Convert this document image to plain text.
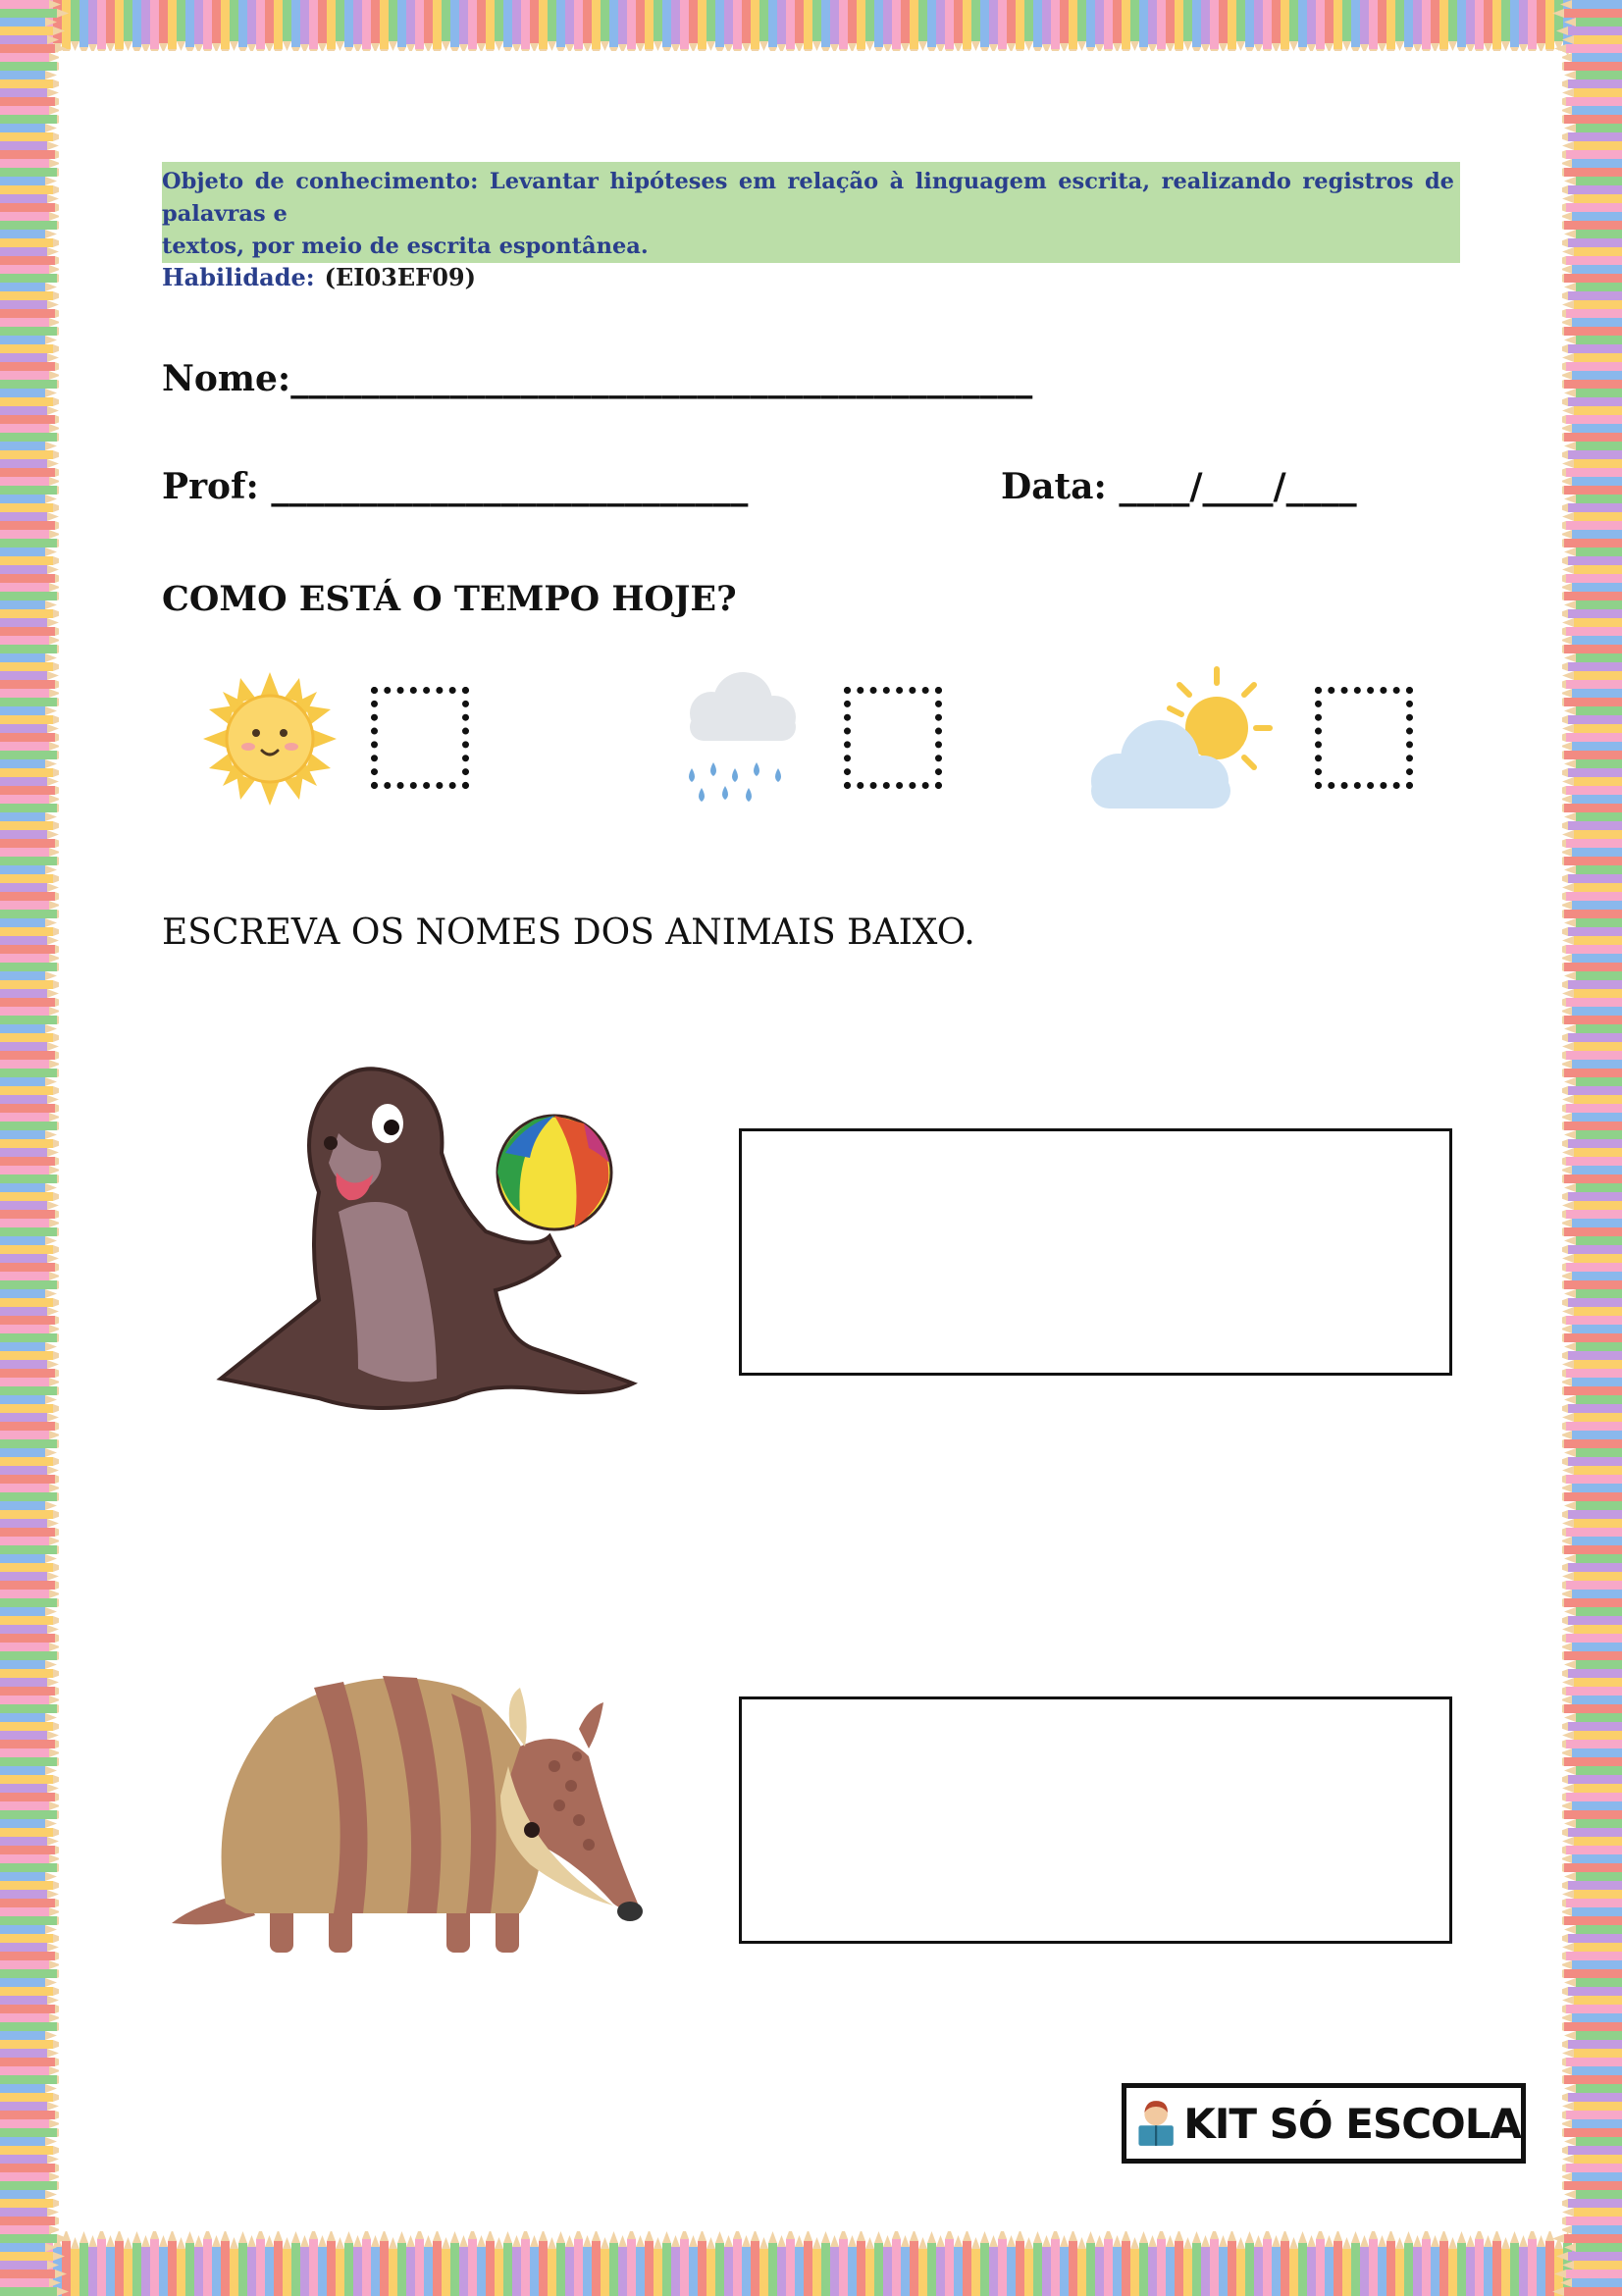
Objeto de conhecimento: Levantar hipóteses em relação à linguagem escrita, realizando registros de palavras e
textos, por meio de escrita espontânea.
Habilidade: (EI03EF09)
Nome:__________________________________________
Prof: ___________________________	Data: ____/____/____
COMO ESTÁ O TEMPO HOJE?
ESCREVA OS NOMES DOS ANIMAIS BAIXO.
KIT SÓ ESCOLA
